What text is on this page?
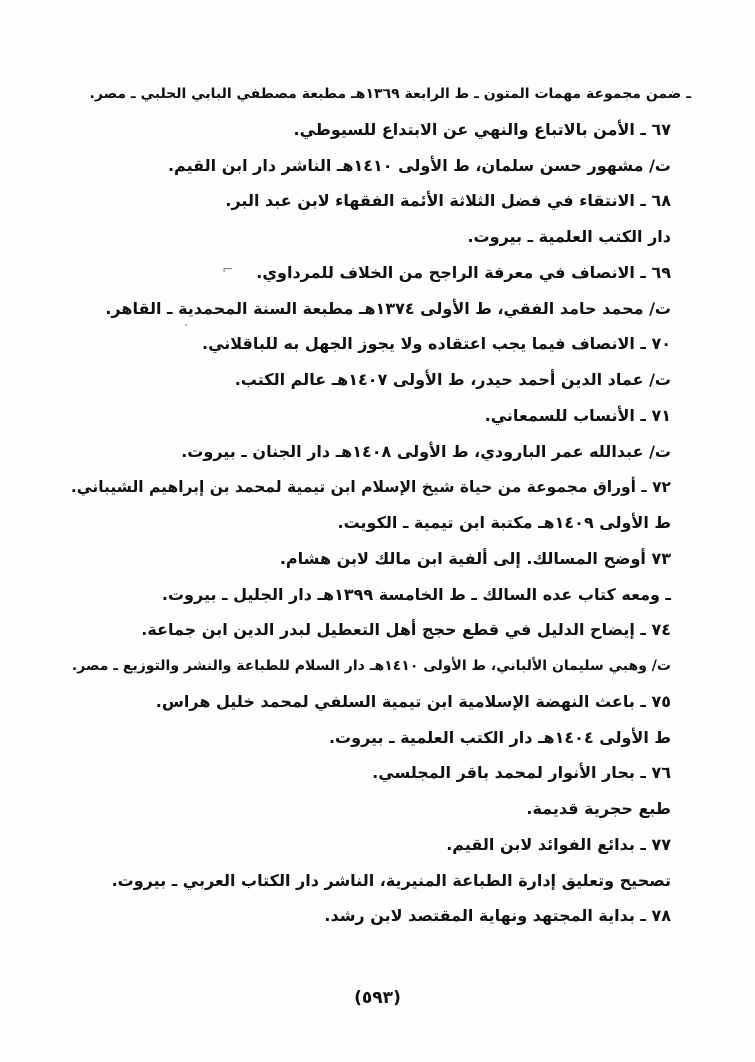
ـ ضمن مجموعة مهمات المتون ـ ط الرابعة ١٣٦٩هـ مطبعة مصطفي البابي الحلبي ـ مصر.
٦٧ ـ الأمن بالاتباع والنهي عن الابتداع للسيوطي.
ت/ مشهور حسن سلمان، ط الأولى ١٤١٠هـ الناشر دار ابن القيم.
٦٨ ـ الانتقاء في فضل الثلاثة الأئمة الفقهاء لابن عبد البر.
دار الكتب العلمية ـ بيروت.
٦٩ ـ الانصاف في معرفة الراجح من الخلاف للمرداوي.
ت/ محمد حامد الفقي، ط الأولى ١٣٧٤هـ مطبعة السنة المحمدية ـ القاهر.
٧٠ ـ الانصاف فيما يجب اعتقاده ولا يجوز الجهل به للباقلاني.
ت/ عماد الدين أحمد حيدر، ط الأولى ١٤٠٧هـ عالم الكتب.
٧١ ـ الأنساب للسمعاني.
ت/ عبدالله عمر البارودي، ط الأولى ١٤٠٨هـ دار الجنان ـ بيروت.
٧٢ ـ أوراق مجموعة من حياة شيخ الإسلام ابن تيمية لمحمد بن إبراهيم الشيباني.
ط الأولى ١٤٠٩هـ مكتبة ابن تيمية ـ الكويت.
٧٣ أوضح المسالك. إلى ألفية ابن مالك لابن هشام.
ـ ومعه كتاب عده السالك ـ ط الخامسة ١٣٩٩هـ دار الجليل ـ بيروت.
٧٤ ـ إيضاح الدليل في قطع حجج أهل التعطيل لبدر الدين ابن جماعة.
ت/ وهبي سليمان الألباني، ط الأولى ١٤١٠هـ دار السلام للطباعة والنشر والتوزيع ـ مصر.
٧٥ ـ باعث النهضة الإسلامية ابن تيمية السلفي لمحمد خليل هراس.
ط الأولى ١٤٠٤هـ دار الكتب العلمية ـ بيروت.
٧٦ ـ بحار الأنوار لمحمد باقر المجلسي.
طبع حجرية قديمة.
٧٧ ـ بدائع الفوائد لابن القيم.
تصحيح وتعليق إدارة الطباعة المنيرية، الناشر دار الكتاب العربي ـ بيروت.
٧٨ ـ بداية المجتهد ونهاية المقتصد لابن رشد.
⌐
·
(٥٩٣)
